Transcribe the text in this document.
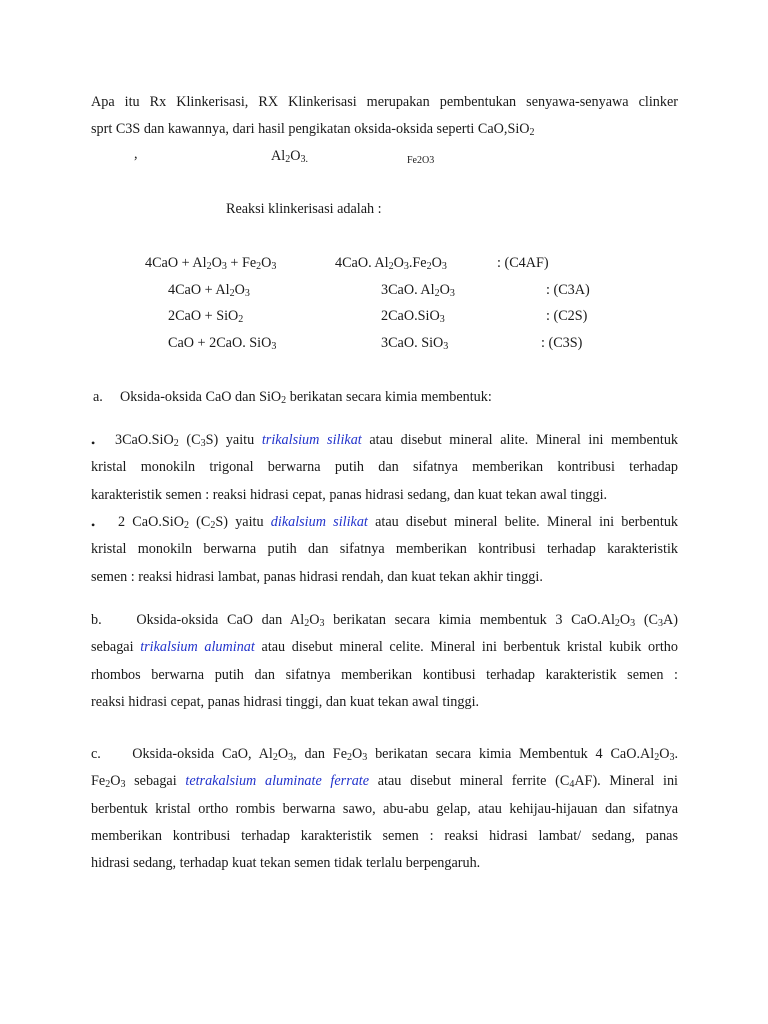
Apa itu Rx Klinkerisasi, RX Klinkerisasi merupakan pembentukan senyawa-senyawa clinker
sprt C3S dan kawannya, dari hasil pengikatan oksida-oksida seperti CaO,SiO$_2$
,	$Al_2O_{3.}$	Fe2O3
Reaksi klinkerisasi adalah :
$4CaO + Al_2O_3 + Fe_2O_3$	4CaO. $Al_2O_3.Fe_2O_3$	: (C4AF)
$4CaO + Al_2O_3$	3CaO. $Al_2O_3$	: (C3A)
2CaO + SiO$_2$	2CaO.SiO$_3$	: (C2S)
CaO + 2CaO. SiO$_3$	3CaO. SiO$_3$	: (C3S)
a. Oksida-oksida CaO dan SiO$_2$ berikatan secara kimia membentuk:
•	3CaO.SiO$_2$ $(C_3S)$ yaitu trikalsium silikat atau disebut mineral alite. Mineral ini membentuk
kristal monokiln trigonal berwarna putih dan sifatnya memberikan kontribusi terhadap
karakteristik semen : reaksi hidrasi cepat, panas hidrasi sedang, dan kuat tekan awal tinggi.
•	2 CaO.SiO$_2$ $(C_2S)$ yaitu dikalsium silikat atau disebut mineral belite. Mineral ini berbentuk
kristal monokiln berwarna putih dan sifatnya memberikan kontribusi terhadap karakteristik
semen : reaksi hidrasi lambat, panas hidrasi rendah, dan kuat tekan akhir tinggi.
b. Oksida-oksida CaO dan $Al_2O_3$ berikatan secara kimia membentuk 3 $CaO.Al_2O_3$ $(C_3A)$
sebagai trikalsium aluminat atau disebut mineral celite. Mineral ini berbentuk kristal kubik ortho
rhombos berwarna putih dan sifatnya memberikan kontibusi terhadap karakteristik semen :
reaksi hidrasi cepat, panas hidrasi tinggi, dan kuat tekan awal tinggi.
c. Oksida-oksida CaO, $Al_2O_3$, dan $Fe_2O_3$ berikatan secara kimia Membentuk 4 $CaO.Al_2O_3$.
$Fe_2O_3$ sebagai tetrakalsium aluminate ferrate atau disebut mineral ferrite $(C_4AF)$. Mineral ini
berbentuk kristal ortho rombis berwarna sawo, abu-abu gelap, atau kehijau-hijauan dan sifatnya
memberikan kontribusi terhadap karakteristik semen : reaksi hidrasi lambat/ sedang, panas
hidrasi sedang, terhadap kuat tekan semen tidak terlalu berpengaruh.
